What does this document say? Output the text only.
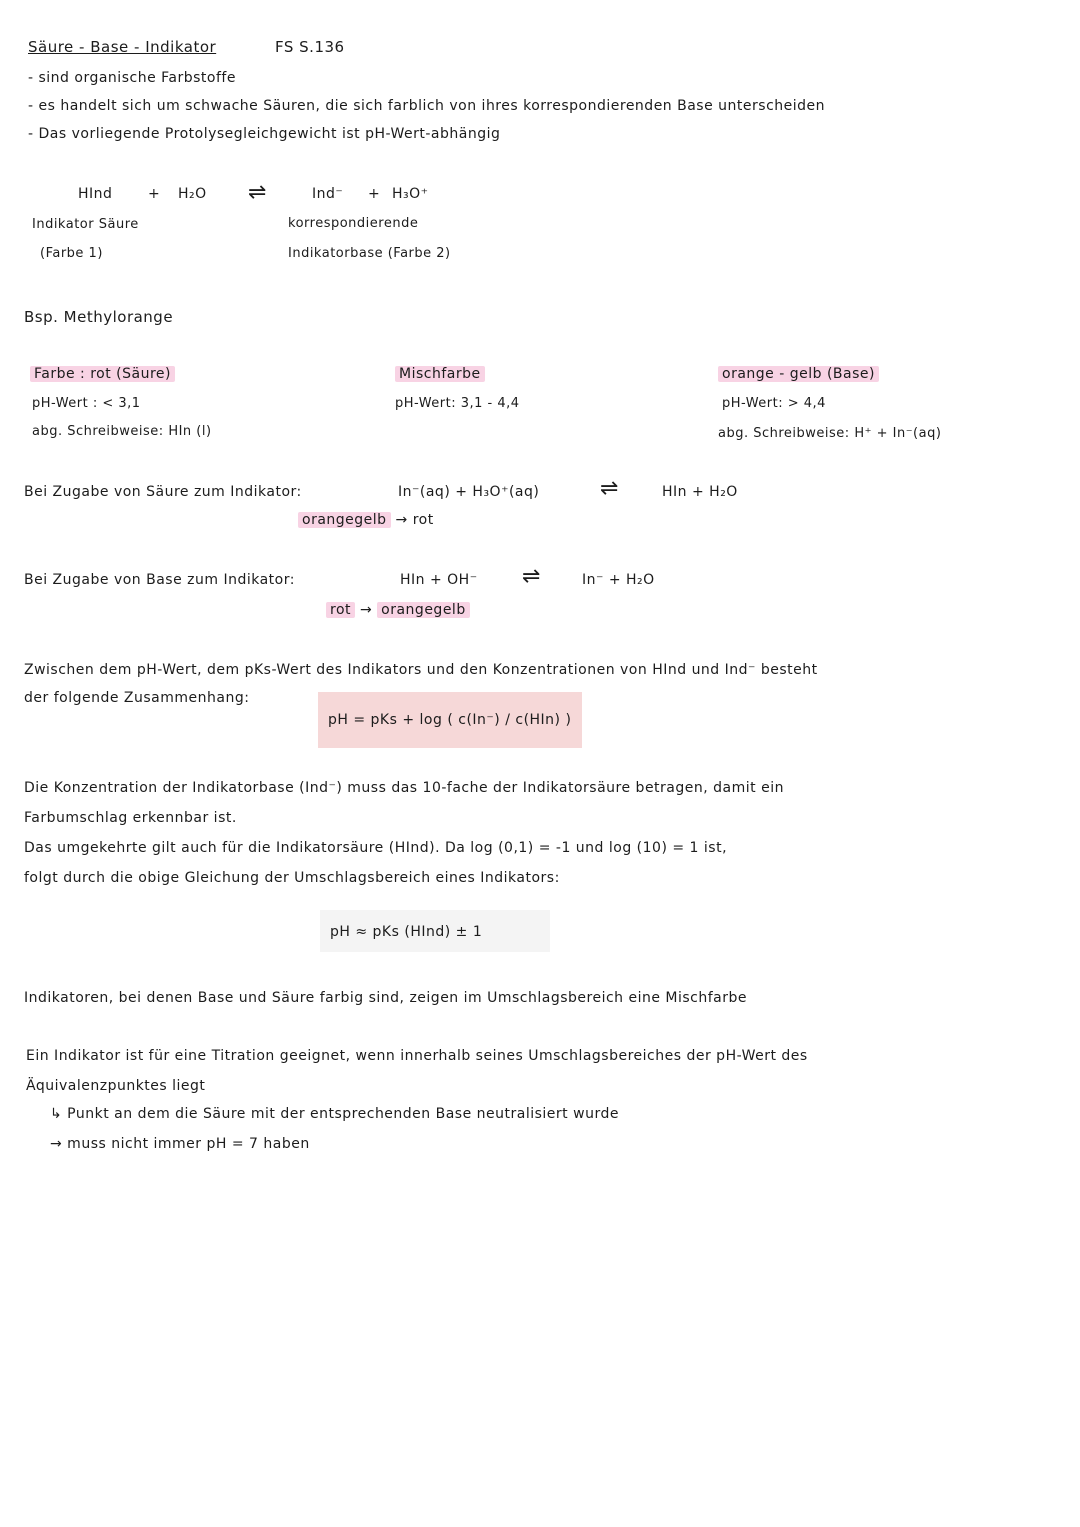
Säure - Base - Indikator	FS S.136
- sind organische Farbstoffe
- es handelt sich um schwache Säuren, die sich farblich von ihres korrespondierenden Base unterscheiden
- Das vorliegende Protolysegleichgewicht ist pH-Wert-abhängig
HInd	+ H₂O ⇌	Ind⁻ + H₃O⁺
Indikator Säure
(Farbe 1)
korrespondierende
Indikatorbase (Farbe 2)
Bsp. Methylorange
Farbe : rot (Säure)
pH-Wert : < 3,1
abg. Schreibweise: HIn (l)
Mischfarbe
pH-Wert: 3,1 - 4,4
orange - gelb (Base)
pH-Wert: > 4,4
abg. Schreibweise: H⁺ + In⁻(aq)
Bei Zugabe von Säure zum Indikator:	In⁻(aq) + H₃O⁺(aq)	⇌	HIn + H₂O
orangegelb → rot
Bei Zugabe von Base zum Indikator:	HIn + OH⁻ ⇌	In⁻ + H₂O
rot → orangegelb
Zwischen dem pH-Wert, dem pKs-Wert des Indikators und den Konzentrationen von HInd und Ind⁻ besteht
der folgende Zusammenhang:
pH = pKs + log ( c(In⁻) / c(HIn) )
Die Konzentration der Indikatorbase (Ind⁻) muss das 10-fache der Indikatorsäure betragen, damit ein
Farbumschlag erkennbar ist.
Das umgekehrte gilt auch für die Indikatorsäure (HInd). Da log (0,1) = -1 und log (10) = 1 ist,
folgt durch die obige Gleichung der Umschlagsbereich eines Indikators:
pH ≈ pKs (HInd) ± 1
Indikatoren, bei denen Base und Säure farbig sind, zeigen im Umschlagsbereich eine Mischfarbe
Ein Indikator ist für eine Titration geeignet, wenn innerhalb seines Umschlagsbereiches der pH-Wert des
Äquivalenzpunktes liegt
↳ Punkt an dem die Säure mit der entsprechenden Base neutralisiert wurde
→ muss nicht immer pH = 7 haben
